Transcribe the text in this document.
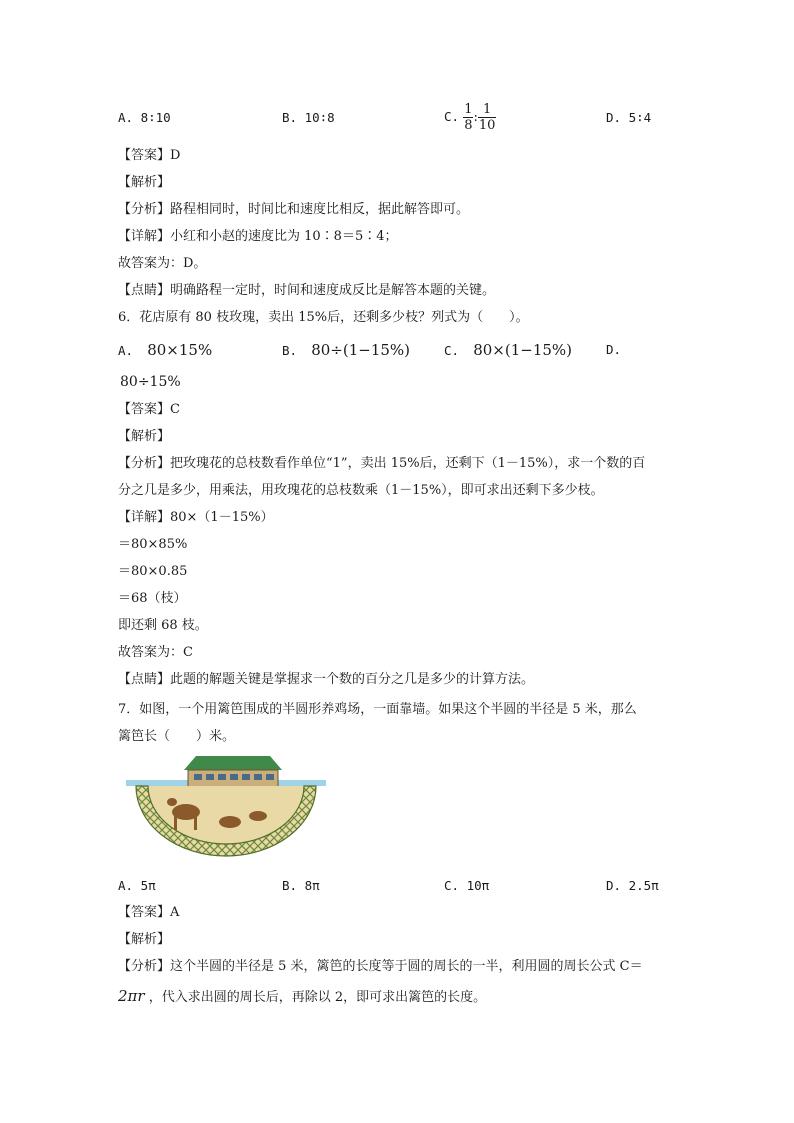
A. 8∶10	B. 10∶8	C. $\frac{1}{8}$ : $\frac{1}{10}$	D. 5∶4
【答案】D
【解析】
【分析】路程相同时，时间比和速度比相反，据此解答即可。
【详解】小红和小赵的速度比为 10∶8＝5∶4；
故答案为：D。
【点睛】明确路程一定时，时间和速度成反比是解答本题的关键。
6．花店原有 80 枝玫瑰，卖出 15%后，还剩多少枝？列式为（　　）。
A. 80×15%	B. 80÷(1−15%)	C. 80×(1−15%)	D.
80÷15%
【答案】C
【解析】
【分析】把玫瑰花的总枝数看作单位“1”，卖出 15%后，还剩下（1－15%），求一个数的百
分之几是多少，用乘法，用玫瑰花的总枝数乘（1－15%），即可求出还剩下多少枝。
【详解】80×（1－15%）
＝80×85%
＝80×0.85
＝68（枝）
即还剩 68 枝。
故答案为：C
【点睛】此题的解题关键是掌握求一个数的百分之几是多少的计算方法。
7．如图，一个用篱笆围成的半圆形养鸡场，一面靠墙。如果这个半圆的半径是 5 米，那么
篱笆长（　　）米。
A. 5π	B. 8π	C. 10π	D. 2.5π
【答案】A
【解析】
【分析】这个半圆的半径是 5 米，篱笆的长度等于圆的周长的一半，利用圆的周长公式 C＝
2πr ，代入求出圆的周长后，再除以 2，即可求出篱笆的长度。
